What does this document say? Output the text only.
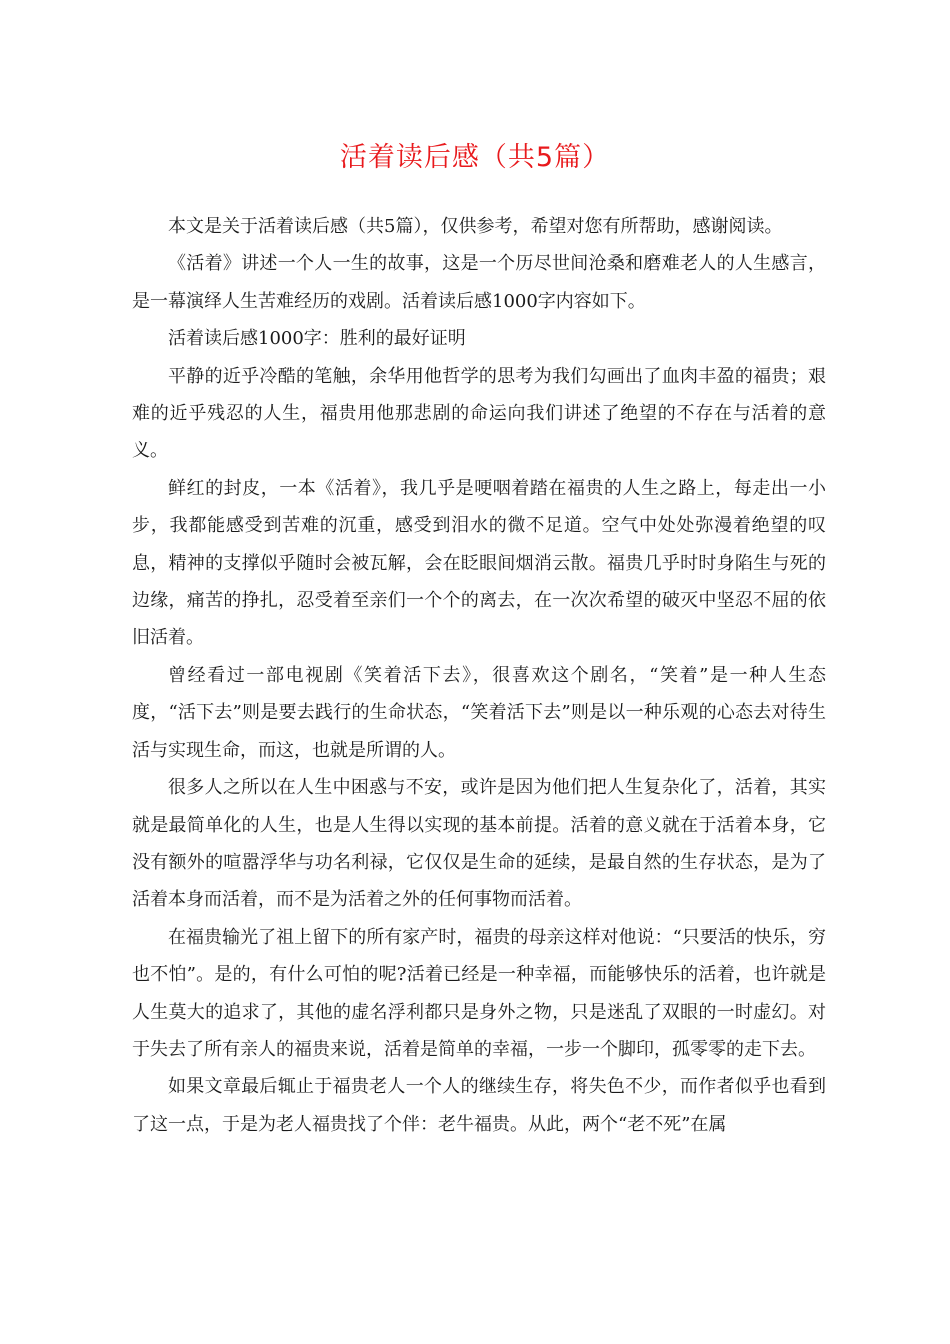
活着读后感（共5篇）

本文是关于活着读后感（共5篇），仅供参考，希望对您有所帮助，感谢阅读。

《活着》讲述一个人一生的故事，这是一个历尽世间沧桑和磨难老人的人生感言，是一幕演绎人生苦难经历的戏剧。活着读后感1000字内容如下。

活着读后感1000字：胜利的最好证明

平静的近乎冷酷的笔触，余华用他哲学的思考为我们勾画出了血肉丰盈的福贵；艰难的近乎残忍的人生，福贵用他那悲剧的命运向我们讲述了绝望的不存在与活着的意义。

鲜红的封皮，一本《活着》，我几乎是哽咽着踏在福贵的人生之路上，每走出一小步，我都能感受到苦难的沉重，感受到泪水的微不足道。空气中处处弥漫着绝望的叹息，精神的支撑似乎随时会被瓦解，会在眨眼间烟消云散。福贵几乎时时身陷生与死的边缘，痛苦的挣扎，忍受着至亲们一个个的离去，在一次次希望的破灭中坚忍不屈的依旧活着。

曾经看过一部电视剧《笑着活下去》，很喜欢这个剧名，“笑着”是一种人生态度，“活下去”则是要去践行的生命状态，“笑着活下去”则是以一种乐观的心态去对待生活与实现生命，而这，也就是所谓的人。

很多人之所以在人生中困惑与不安，或许是因为他们把人生复杂化了，活着，其实就是最简单化的人生，也是人生得以实现的基本前提。活着的意义就在于活着本身，它没有额外的喧嚣浮华与功名利禄，它仅仅是生命的延续，是最自然的生存状态，是为了活着本身而活着，而不是为活着之外的任何事物而活着。

在福贵输光了祖上留下的所有家产时，福贵的母亲这样对他说：“只要活的快乐，穷也不怕”。是的，有什么可怕的呢?活着已经是一种幸福，而能够快乐的活着，也许就是人生莫大的追求了，其他的虚名浮利都只是身外之物，只是迷乱了双眼的一时虚幻。对于失去了所有亲人的福贵来说，活着是简单的幸福，一步一个脚印，孤零零的走下去。

如果文章最后辄止于福贵老人一个人的继续生存，将失色不少，而作者似乎也看到了这一点，于是为老人福贵找了个伴：老牛福贵。从此，两个“老不死”在属
